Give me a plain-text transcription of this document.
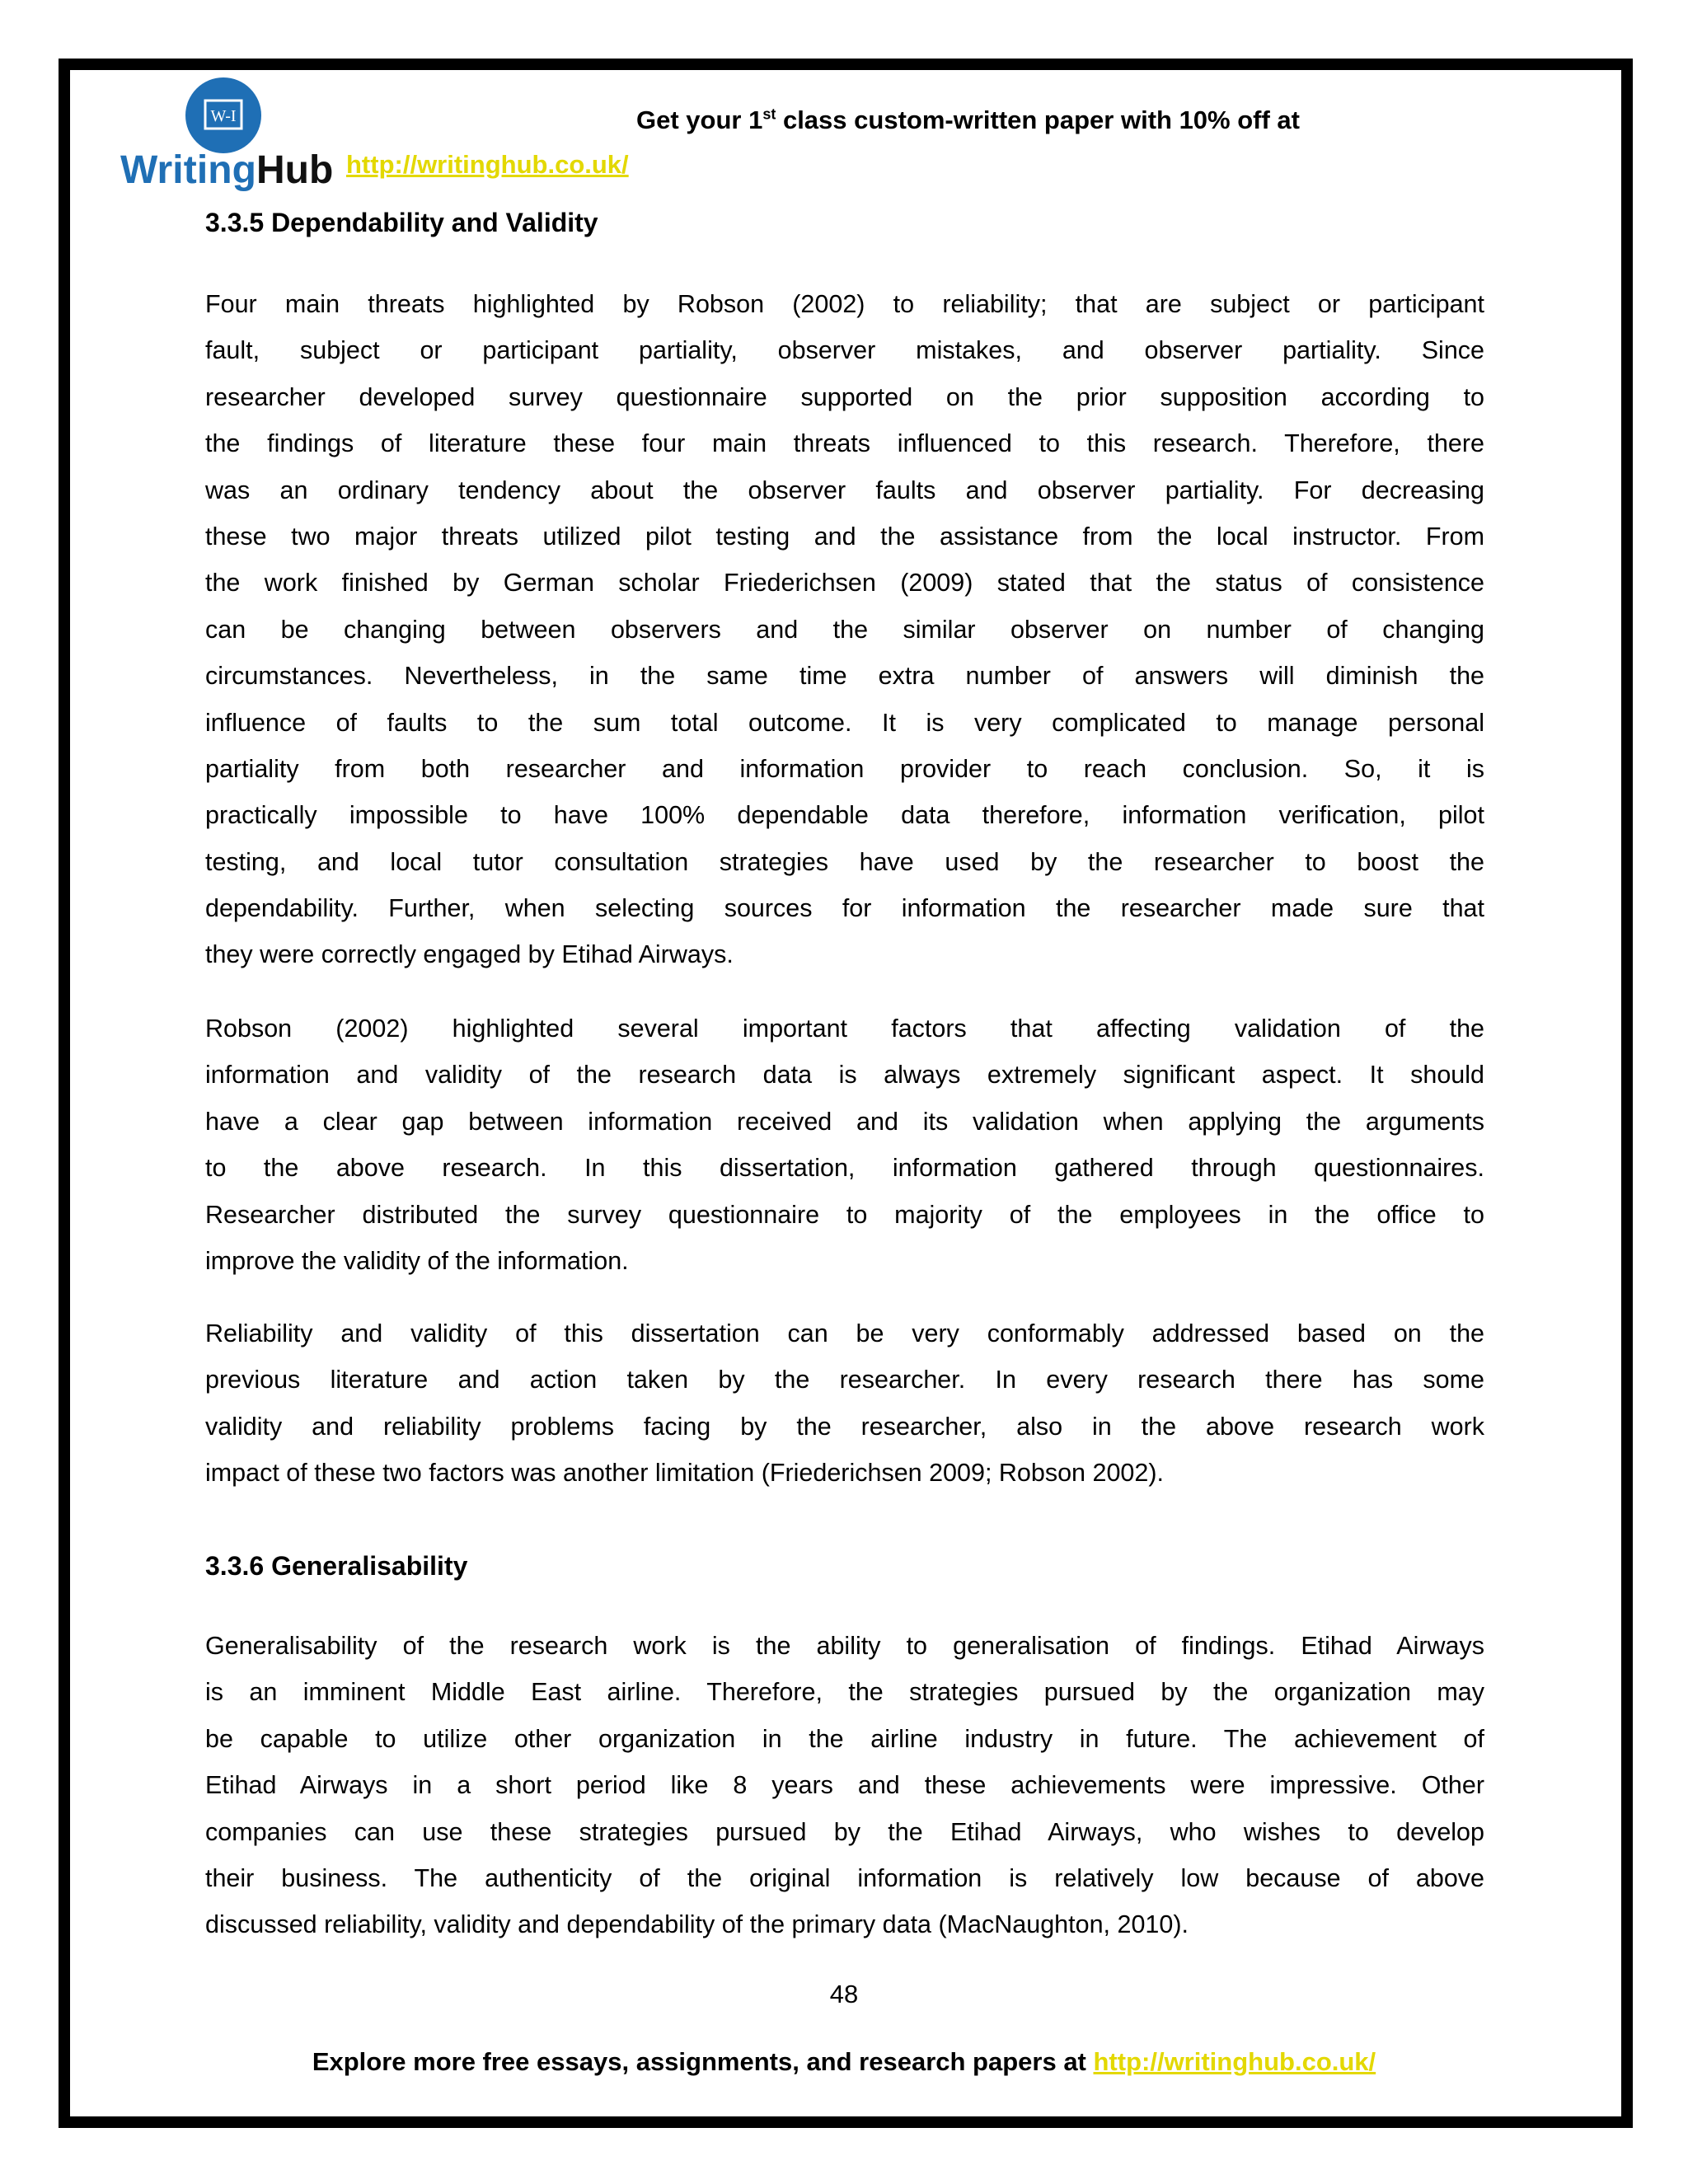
W-I
Writing Hub
Get your 1st class custom-written paper with 10% off at
http://writinghub.co.uk/
3.3.5 Dependability and Validity
Four main threats highlighted by Robson (2002) to reliability; that are subject or participant
fault, subject or participant partiality, observer mistakes, and observer partiality. Since
researcher developed survey questionnaire supported on the prior supposition according to
the findings of literature these four main threats influenced to this research. Therefore, there
was an ordinary tendency about the observer faults and observer partiality. For decreasing
these two major threats utilized pilot testing and the assistance from the local instructor. From
the work finished by German scholar Friederichsen (2009) stated that the status of consistence
can be changing between observers and the similar observer on number of changing
circumstances. Nevertheless, in the same time extra number of answers will diminish the
influence of faults to the sum total outcome. It is very complicated to manage personal
partiality from both researcher and information provider to reach conclusion. So, it is
practically impossible to have 100% dependable data therefore, information verification, pilot
testing, and local tutor consultation strategies have used by the researcher to boost the
dependability. Further, when selecting sources for information the researcher made sure that
they were correctly engaged by Etihad Airways.
Robson (2002) highlighted several important factors that affecting validation of the
information and validity of the research data is always extremely significant aspect. It should
have a clear gap between information received and its validation when applying the arguments
to the above research. In this dissertation, information gathered through questionnaires.
Researcher distributed the survey questionnaire to majority of the employees in the office to
improve the validity of the information.
Reliability and validity of this dissertation can be very conformably addressed based on the
previous literature and action taken by the researcher. In every research there has some
validity and reliability problems facing by the researcher, also in the above research work
impact of these two factors was another limitation (Friederichsen 2009; Robson 2002).
3.3.6 Generalisability
Generalisability of the research work is the ability to generalisation of findings. Etihad Airways
is an imminent Middle East airline. Therefore, the strategies pursued by the organization may
be capable to utilize other organization in the airline industry in future. The achievement of
Etihad Airways in a short period like 8 years and these achievements were impressive. Other
companies can use these strategies pursued by the Etihad Airways, who wishes to develop
their business. The authenticity of the original information is relatively low because of above
discussed reliability, validity and dependability of the primary data (MacNaughton, 2010).
48
Explore more free essays, assignments, and research papers at http://writinghub.co.uk/
